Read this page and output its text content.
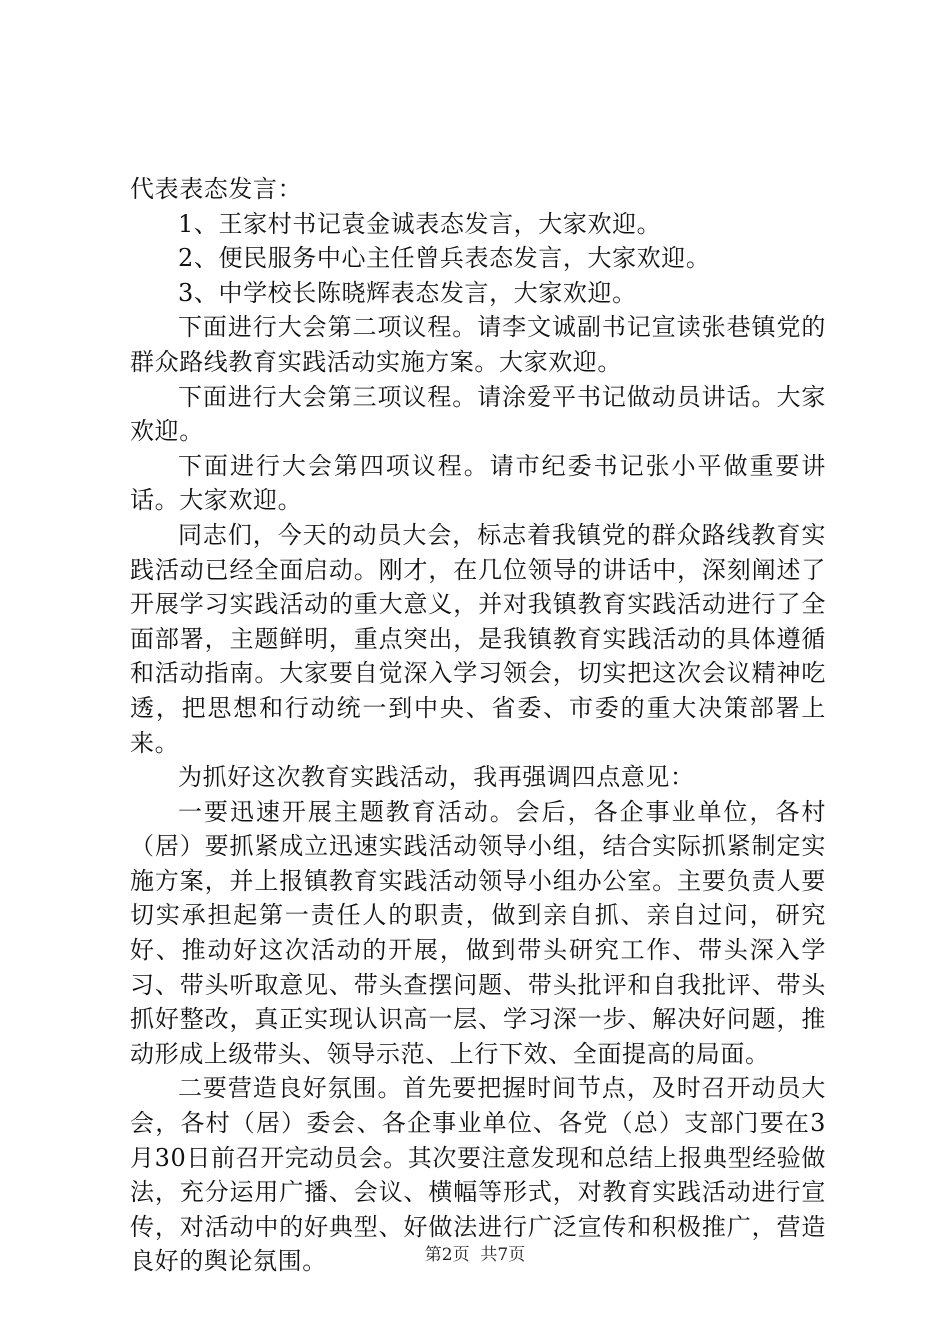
代表表态发言：

1、王家村书记袁金诚表态发言，大家欢迎。

2、便民服务中心主任曾兵表态发言，大家欢迎。

3、中学校长陈晓辉表态发言，大家欢迎。

下面进行大会第二项议程。请李文诚副书记宣读张巷镇党的群众路线教育实践活动实施方案。大家欢迎。

下面进行大会第三项议程。请涂爱平书记做动员讲话。大家欢迎。

下面进行大会第四项议程。请市纪委书记张小平做重要讲话。大家欢迎。

同志们，今天的动员大会，标志着我镇党的群众路线教育实践活动已经全面启动。刚才，在几位领导的讲话中，深刻阐述了开展学习实践活动的重大意义，并对我镇教育实践活动进行了全面部署，主题鲜明，重点突出，是我镇教育实践活动的具体遵循和活动指南。大家要自觉深入学习领会，切实把这次会议精神吃透，把思想和行动统一到中央、省委、市委的重大决策部署上来。

为抓好这次教育实践活动，我再强调四点意见：

一要迅速开展主题教育活动。会后，各企事业单位，各村（居）要抓紧成立迅速实践活动领导小组，结合实际抓紧制定实施方案，并上报镇教育实践活动领导小组办公室。主要负责人要切实承担起第一责任人的职责，做到亲自抓、亲自过问，研究好、推动好这次活动的开展，做到带头研究工作、带头深入学习、带头听取意见、带头查摆问题、带头批评和自我批评、带头抓好整改，真正实现认识高一层、学习深一步、解决好问题，推动形成上级带头、领导示范、上行下效、全面提高的局面。

二要营造良好氛围。首先要把握时间节点，及时召开动员大会，各村（居）委会、各企事业单位、各党（总）支部门要在3月30日前召开完动员会。其次要注意发现和总结上报典型经验做法，充分运用广播、会议、横幅等形式，对教育实践活动进行宣传，对活动中的好典型、好做法进行广泛宣传和积极推广，营造良好的舆论氛围。	第2页  共7页
